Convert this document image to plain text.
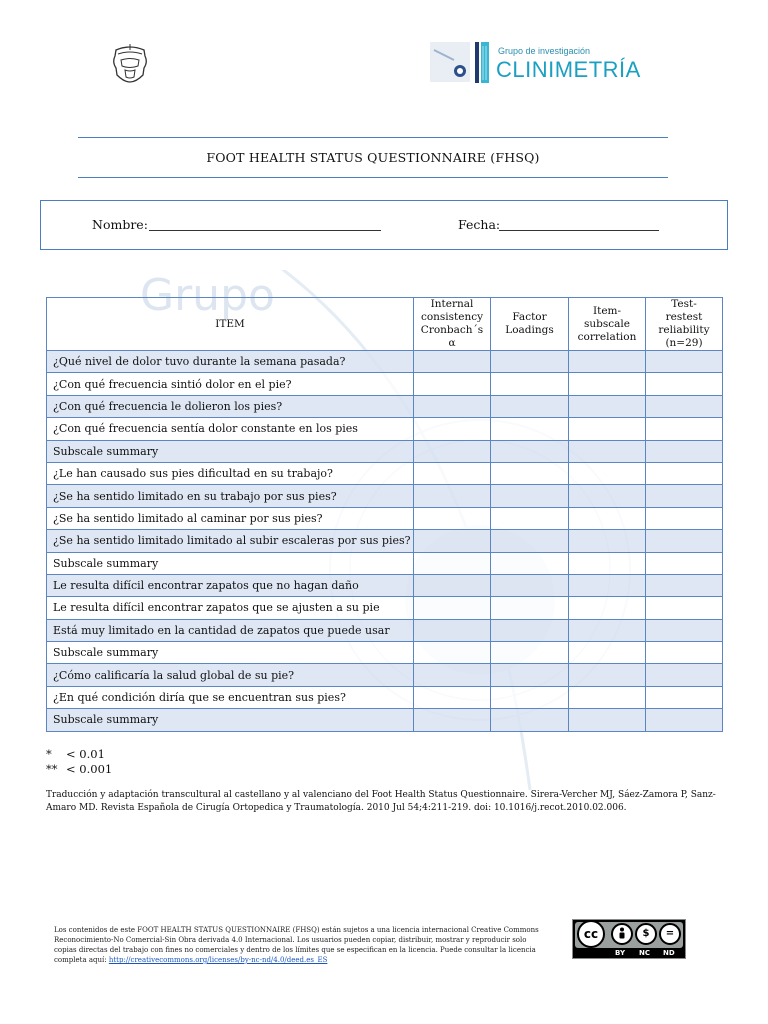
Grupo de investigación
CLINIMETRÍA
FOOT HEALTH STATUS QUESTIONNAIRE (FHSQ)
Nombre:	Fecha:
Grupo
ITEM	Internal consistency Cronbach´s α	Factor Loadings	Item-subscale correlation	Test- restest reliability (n=29)
¿Qué nivel de dolor tuvo durante la semana pasada?				
¿Con qué frecuencia sintió dolor en el pie?				
¿Con qué frecuencia le dolieron los pies?				
¿Con qué frecuencia sentía dolor constante en los pies				
Subscale summary				
¿Le han causado sus pies dificultad en su trabajo?				
¿Se ha sentido limitado en su trabajo por sus pies?				
¿Se ha sentido limitado al caminar por sus pies?				
¿Se ha sentido limitado limitado al subir escaleras por sus pies?				
Subscale summary				
Le resulta difícil encontrar zapatos que no hagan daño				
Le resulta difícil encontrar zapatos que se ajusten a su pie				
Está muy limitado en la cantidad de zapatos que puede usar				
Subscale summary				
¿Cómo calificaría la salud global de su pie?				
¿En qué condición diría que se encuentran sus pies?				
Subscale summary				
* < 0.01
** < 0.001
Traducción y adaptación transcultural al castellano y al valenciano del Foot Health Status Questionnaire. Sirera-Vercher MJ, Sáez-Zamora P, Sanz-Amaro MD. Revista Española de Cirugía Ortopedica y Traumatología. 2010 Jul 54;4:211-219. doi: 10.1016/j.recot.2010.02.006.
Los contenidos de este FOOT HEALTH STATUS QUESTIONNAIRE (FHSQ) están sujetos a una licencia internacional Creative Commons Reconocimiento-No Comercial-Sin Obra derivada 4.0 Internacional. Los usuarios pueden copiar, distribuir, mostrar y reproducir solo copias directas del trabajo con fines no comerciales y dentro de los límites que se especifican en la licencia. Puede consultar la licencia completa aquí: http://creativecommons.org/licenses/by-nc-nd/4.0/deed.es_ES
cc	$	=
BY NC ND
